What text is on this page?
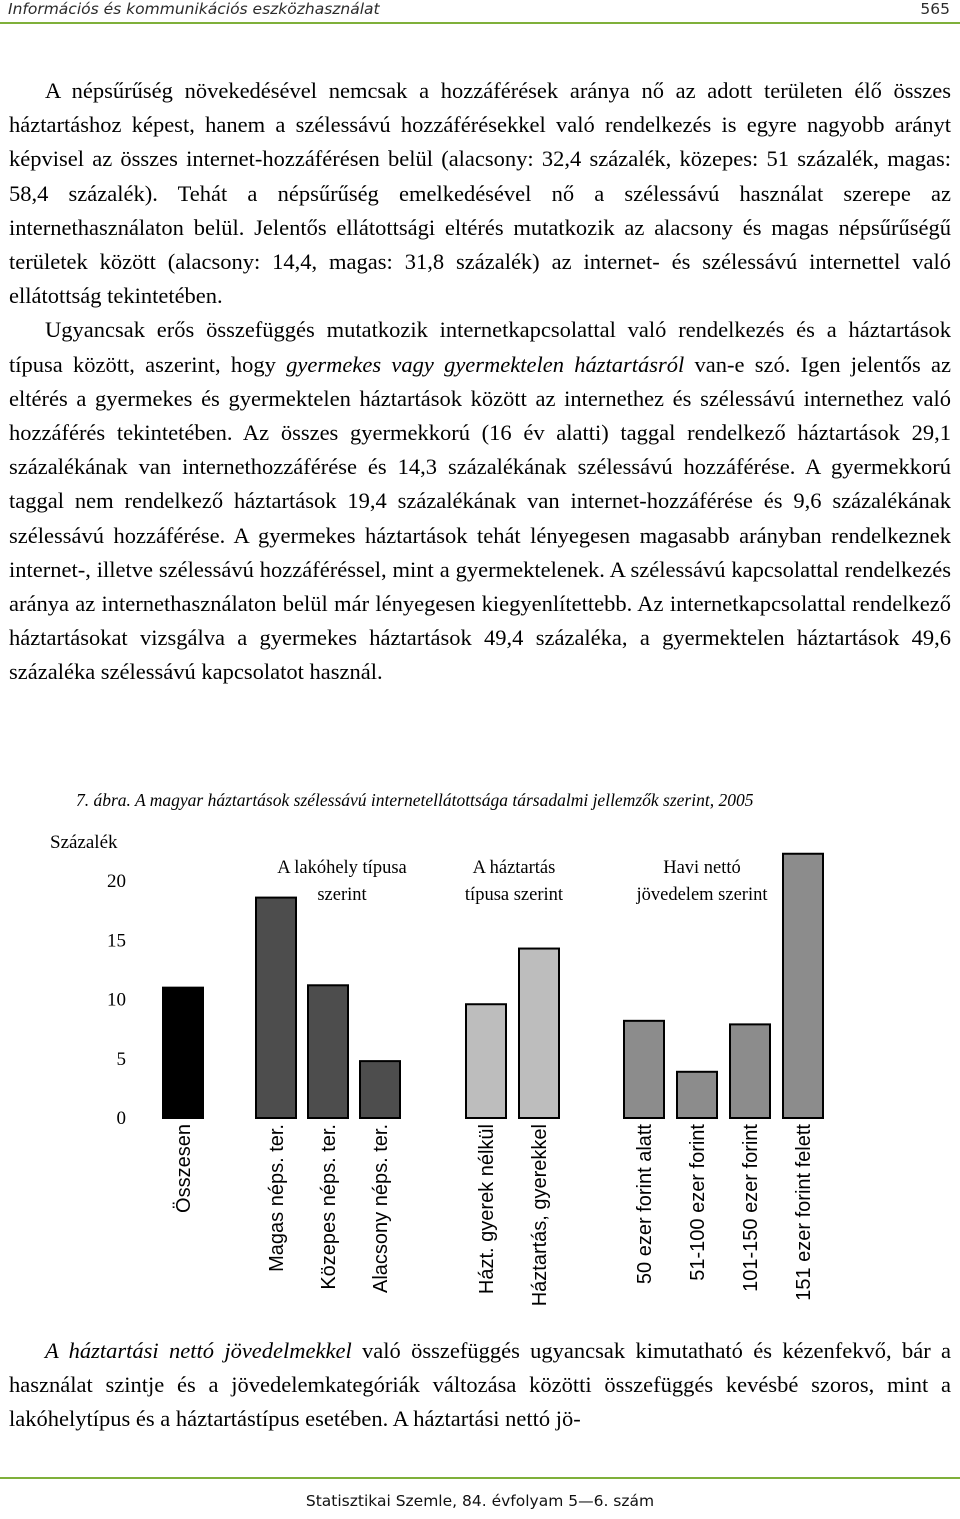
Információs és kommunikációs eszközhasználat	565

A népsűrűség növekedésével nemcsak a hozzáférések aránya nő az adott területen élő összes háztartáshoz képest, hanem a szélessávú hozzáférésekkel való rendelkezés is egyre nagyobb arányt képvisel az összes internet-hozzáférésen belül (alacsony: 32,4 százalék, közepes: 51 százalék, magas: 58,4 százalék). Tehát a népsűrűség emelkedésével nő a szélessávú használat szerepe az internethasználaton belül. Jelentős ellátottsági eltérés mutatkozik az alacsony és magas népsűrűségű területek között (alacsony: 14,4, magas: 31,8 százalék) az internet- és szélessávú internettel való ellátottság tekintetében.

Ugyancsak erős összefüggés mutatkozik internetkapcsolattal való rendelkezés és a háztartások típusa között, aszerint, hogy gyermekes vagy gyermektelen háztartásról van-e szó. Igen jelentős az eltérés a gyermekes és gyermektelen háztartások között az internethez és szélessávú internethez való hozzáférés tekintetében. Az összes gyermekkorú (16 év alatti) taggal rendelkező háztartások 29,1 százalékának van internethozzáférése és 14,3 százalékának szélessávú hozzáférése. A gyermekkorú taggal nem rendelkező háztartások 19,4 százalékának van internet-hozzáférése és 9,6 százalékának szélessávú hozzáférése. A gyermekes háztartások tehát lényegesen magasabb arányban rendelkeznek internet-, illetve szélessávú hozzáféréssel, mint a gyermektelenek. A szélessávú kapcsolattal rendelkezés aránya az internethasználaton belül már lényegesen kiegyenlítettebb. Az internetkapcsolattal rendelkező háztartásokat vizsgálva a gyermekes háztartások 49,4 százaléka, a gyermektelen háztartások 49,6 százaléka szélessávú kapcsolatot használ.

7. ábra. A magyar háztartások szélessávú internetellátottsága társadalmi jellemzők szerint, 2005
Százalék
0
5
10
15
20
A lakóhely típusa
szerint
A háztartás
típusa szerint
Havi nettó
jövedelem szerint
Összesen	Magas néps. ter. Közepes néps. ter. Alacsony néps. ter.	Házt. gyerek nélkül Háztartás, gyerekkel	50 ezer forint alatt 51-100 ezer forint 101-150 ezer forint 151 ezer forint felett

A háztartási nettó jövedelmekkel való összefüggés ugyancsak kimutatható és kézenfekvő, bár a használat szintje és a jövedelemkategóriák változása közötti összefüggés kevésbé szoros, mint a lakóhelytípus és a háztartástípus esetében. A háztartási nettó jö-

Statisztikai Szemle, 84. évfolyam 5—6. szám
